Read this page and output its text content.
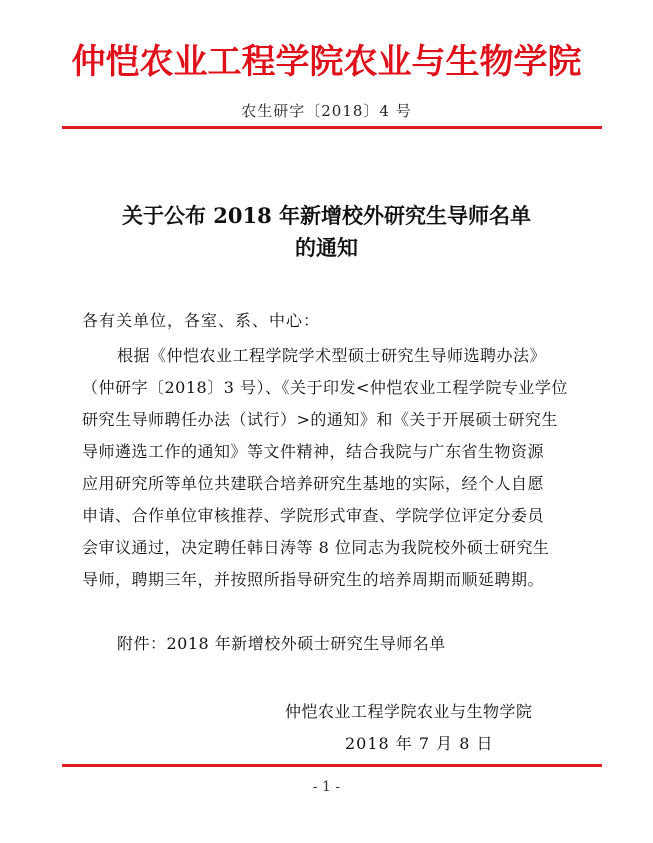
仲恺农业工程学院农业与生物学院
农生研字〔2018〕4 号
关于公布 2018 年新增校外研究生导师名单
的通知
各有关单位，各室、系、中心：
根据《仲恺农业工程学院学术型硕士研究生导师选聘办法》
（仲研字〔2018〕3 号）、《关于印发<仲恺农业工程学院专业学位
研究生导师聘任办法（试行）>的通知》和《关于开展硕士研究生
导师遴选工作的通知》等文件精神，结合我院与广东省生物资源
应用研究所等单位共建联合培养研究生基地的实际，经个人自愿
申请、合作单位审核推荐、学院形式审查、学院学位评定分委员
会审议通过，决定聘任韩日涛等 8 位同志为我院校外硕士研究生
导师，聘期三年，并按照所指导研究生的培养周期而顺延聘期。
附件：2018 年新增校外硕士研究生导师名单
仲恺农业工程学院农业与生物学院
2018 年 7 月 8 日
- 1 -
